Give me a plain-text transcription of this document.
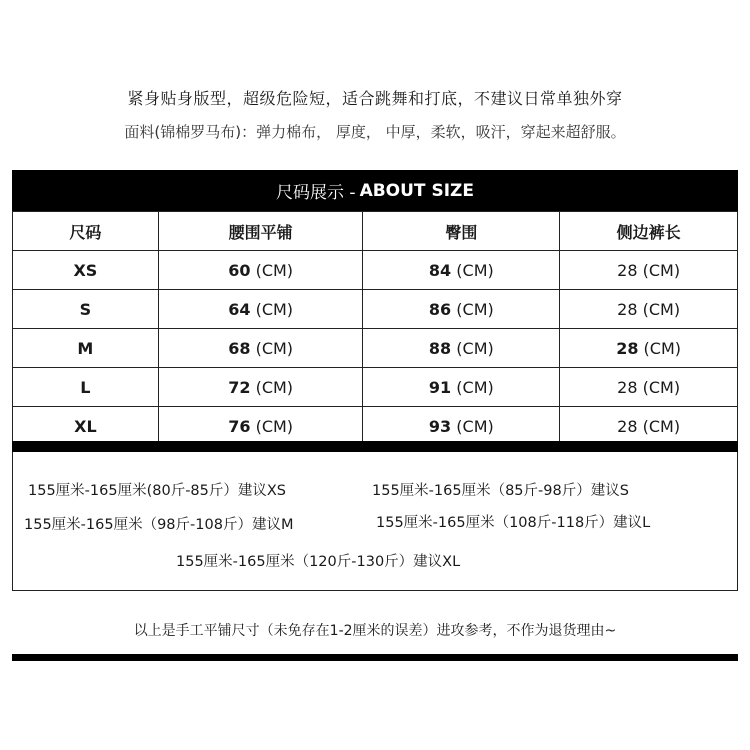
紧身贴身版型，超级危险短，适合跳舞和打底，不建议日常单独外穿
面料(锦棉罗马布)：弹力棉布， 厚度， 中厚，柔软，吸汗，穿起来超舒服。
尺码展示 - ABOUT SIZE
尺码	腰围平铺	臀围	侧边裤长
XS	60 (CM)	84 (CM)	28 (CM)
S	64 (CM)	86 (CM)	28 (CM)
M	68 (CM)	88 (CM)	28 (CM)
L	72 (CM)	91 (CM)	28 (CM)
XL	76 (CM)	93 (CM)	28 (CM)
155厘米-165厘米(80斤-85斤）建议XS	155厘米-165厘米（85斤-98斤）建议S
155厘米-165厘米（98斤-108斤）建议M	155厘米-165厘米（108斤-118斤）建议L
155厘米-165厘米（120斤-130斤）建议XL
以上是手工平铺尺寸（未免存在1-2厘米的误差）进攻参考，不作为退货理由~
